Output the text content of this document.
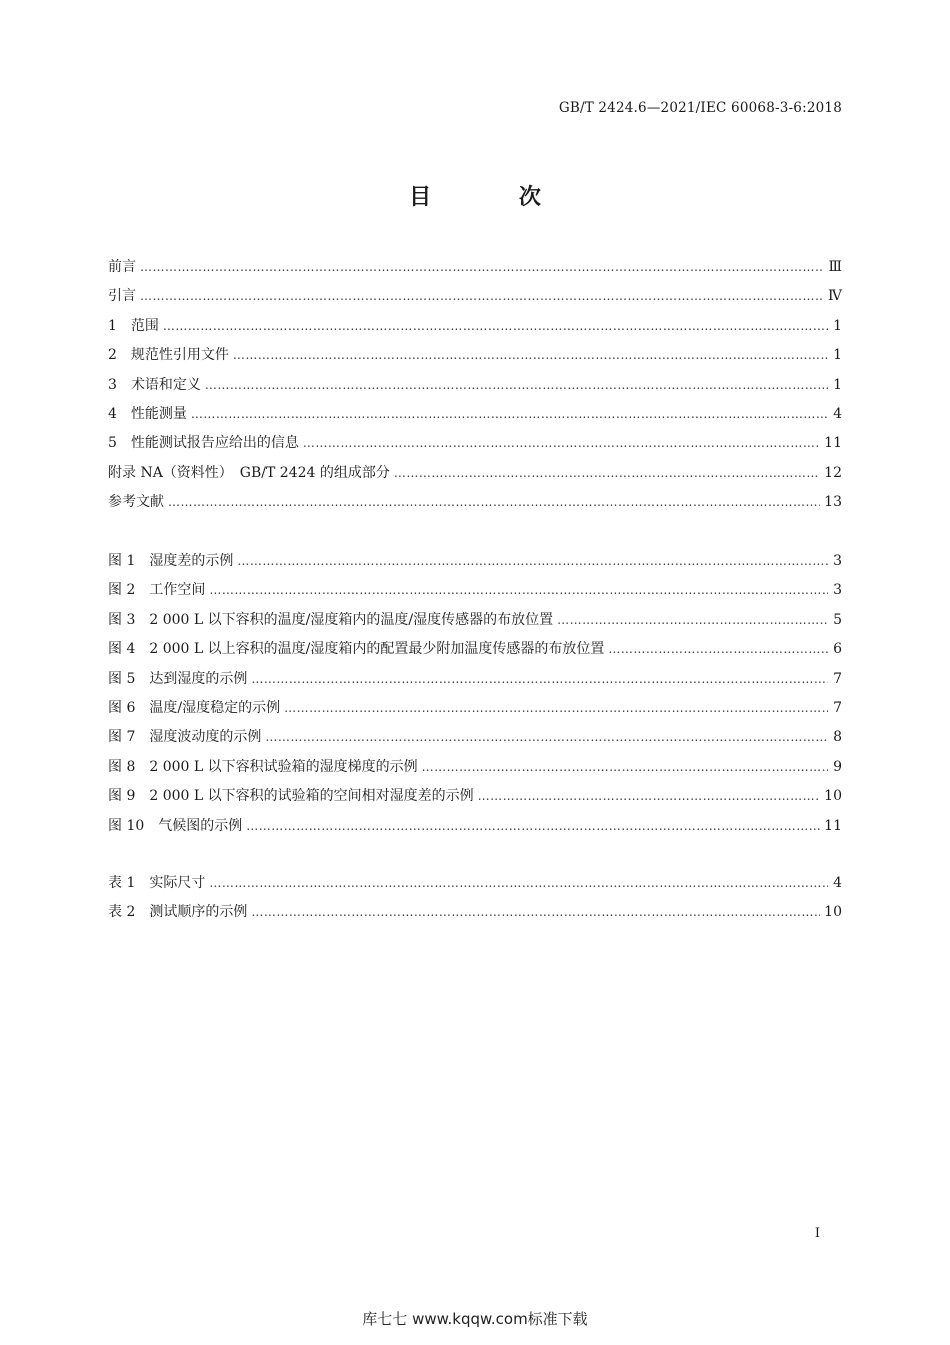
GB/T 2424.6—2021/IEC 60068-3-6:2018
目 次
前言 …………………………………………………………………………………………………………………………………………………………………………………………	Ⅲ
引言 …………………………………………………………………………………………………………………………………………………………………………………………	Ⅳ
1　范围 …………………………………………………………………………………………………………………………………………………………………………………………	1
2　规范性引用文件 …………………………………………………………………………………………………………………………………………………………………………………………	1
3　术语和定义 …………………………………………………………………………………………………………………………………………………………………………………………	1
4　性能测量 …………………………………………………………………………………………………………………………………………………………………………………………	4
5　性能测试报告应给出的信息 …………………………………………………………………………………………………………………………………………………………………………………………	11
附录 NA（资料性）　GB/T 2424 的组成部分 …………………………………………………………………………………………………………………………………………………………………………………………	12
参考文献 …………………………………………………………………………………………………………………………………………………………………………………………	13
图 1　湿度差的示例 …………………………………………………………………………………………………………………………………………………………………………………………	3
图 2　工作空间 …………………………………………………………………………………………………………………………………………………………………………………………	3
图 3　2 000 L 以下容积的温度/湿度箱内的温度/湿度传感器的布放位置 …………………………………………………………………………………………………………………………………………………………………………………………	5
图 4　2 000 L 以上容积的温度/湿度箱内的配置最少附加温度传感器的布放位置 …………………………………………………………………………………………………………………………………………………………………………………………	6
图 5　达到湿度的示例 …………………………………………………………………………………………………………………………………………………………………………………………	7
图 6　温度/湿度稳定的示例 …………………………………………………………………………………………………………………………………………………………………………………………	7
图 7　湿度波动度的示例 …………………………………………………………………………………………………………………………………………………………………………………………	8
图 8　2 000 L 以下容积试验箱的湿度梯度的示例 …………………………………………………………………………………………………………………………………………………………………………………………	9
图 9　2 000 L 以下容积的试验箱的空间相对湿度差的示例 …………………………………………………………………………………………………………………………………………………………………………………………	10
图 10　气候图的示例 …………………………………………………………………………………………………………………………………………………………………………………………	11
表 1　实际尺寸 …………………………………………………………………………………………………………………………………………………………………………………………	4
表 2　测试顺序的示例 …………………………………………………………………………………………………………………………………………………………………………………………	10
I
库七七 www.kqqw.com标准下载
